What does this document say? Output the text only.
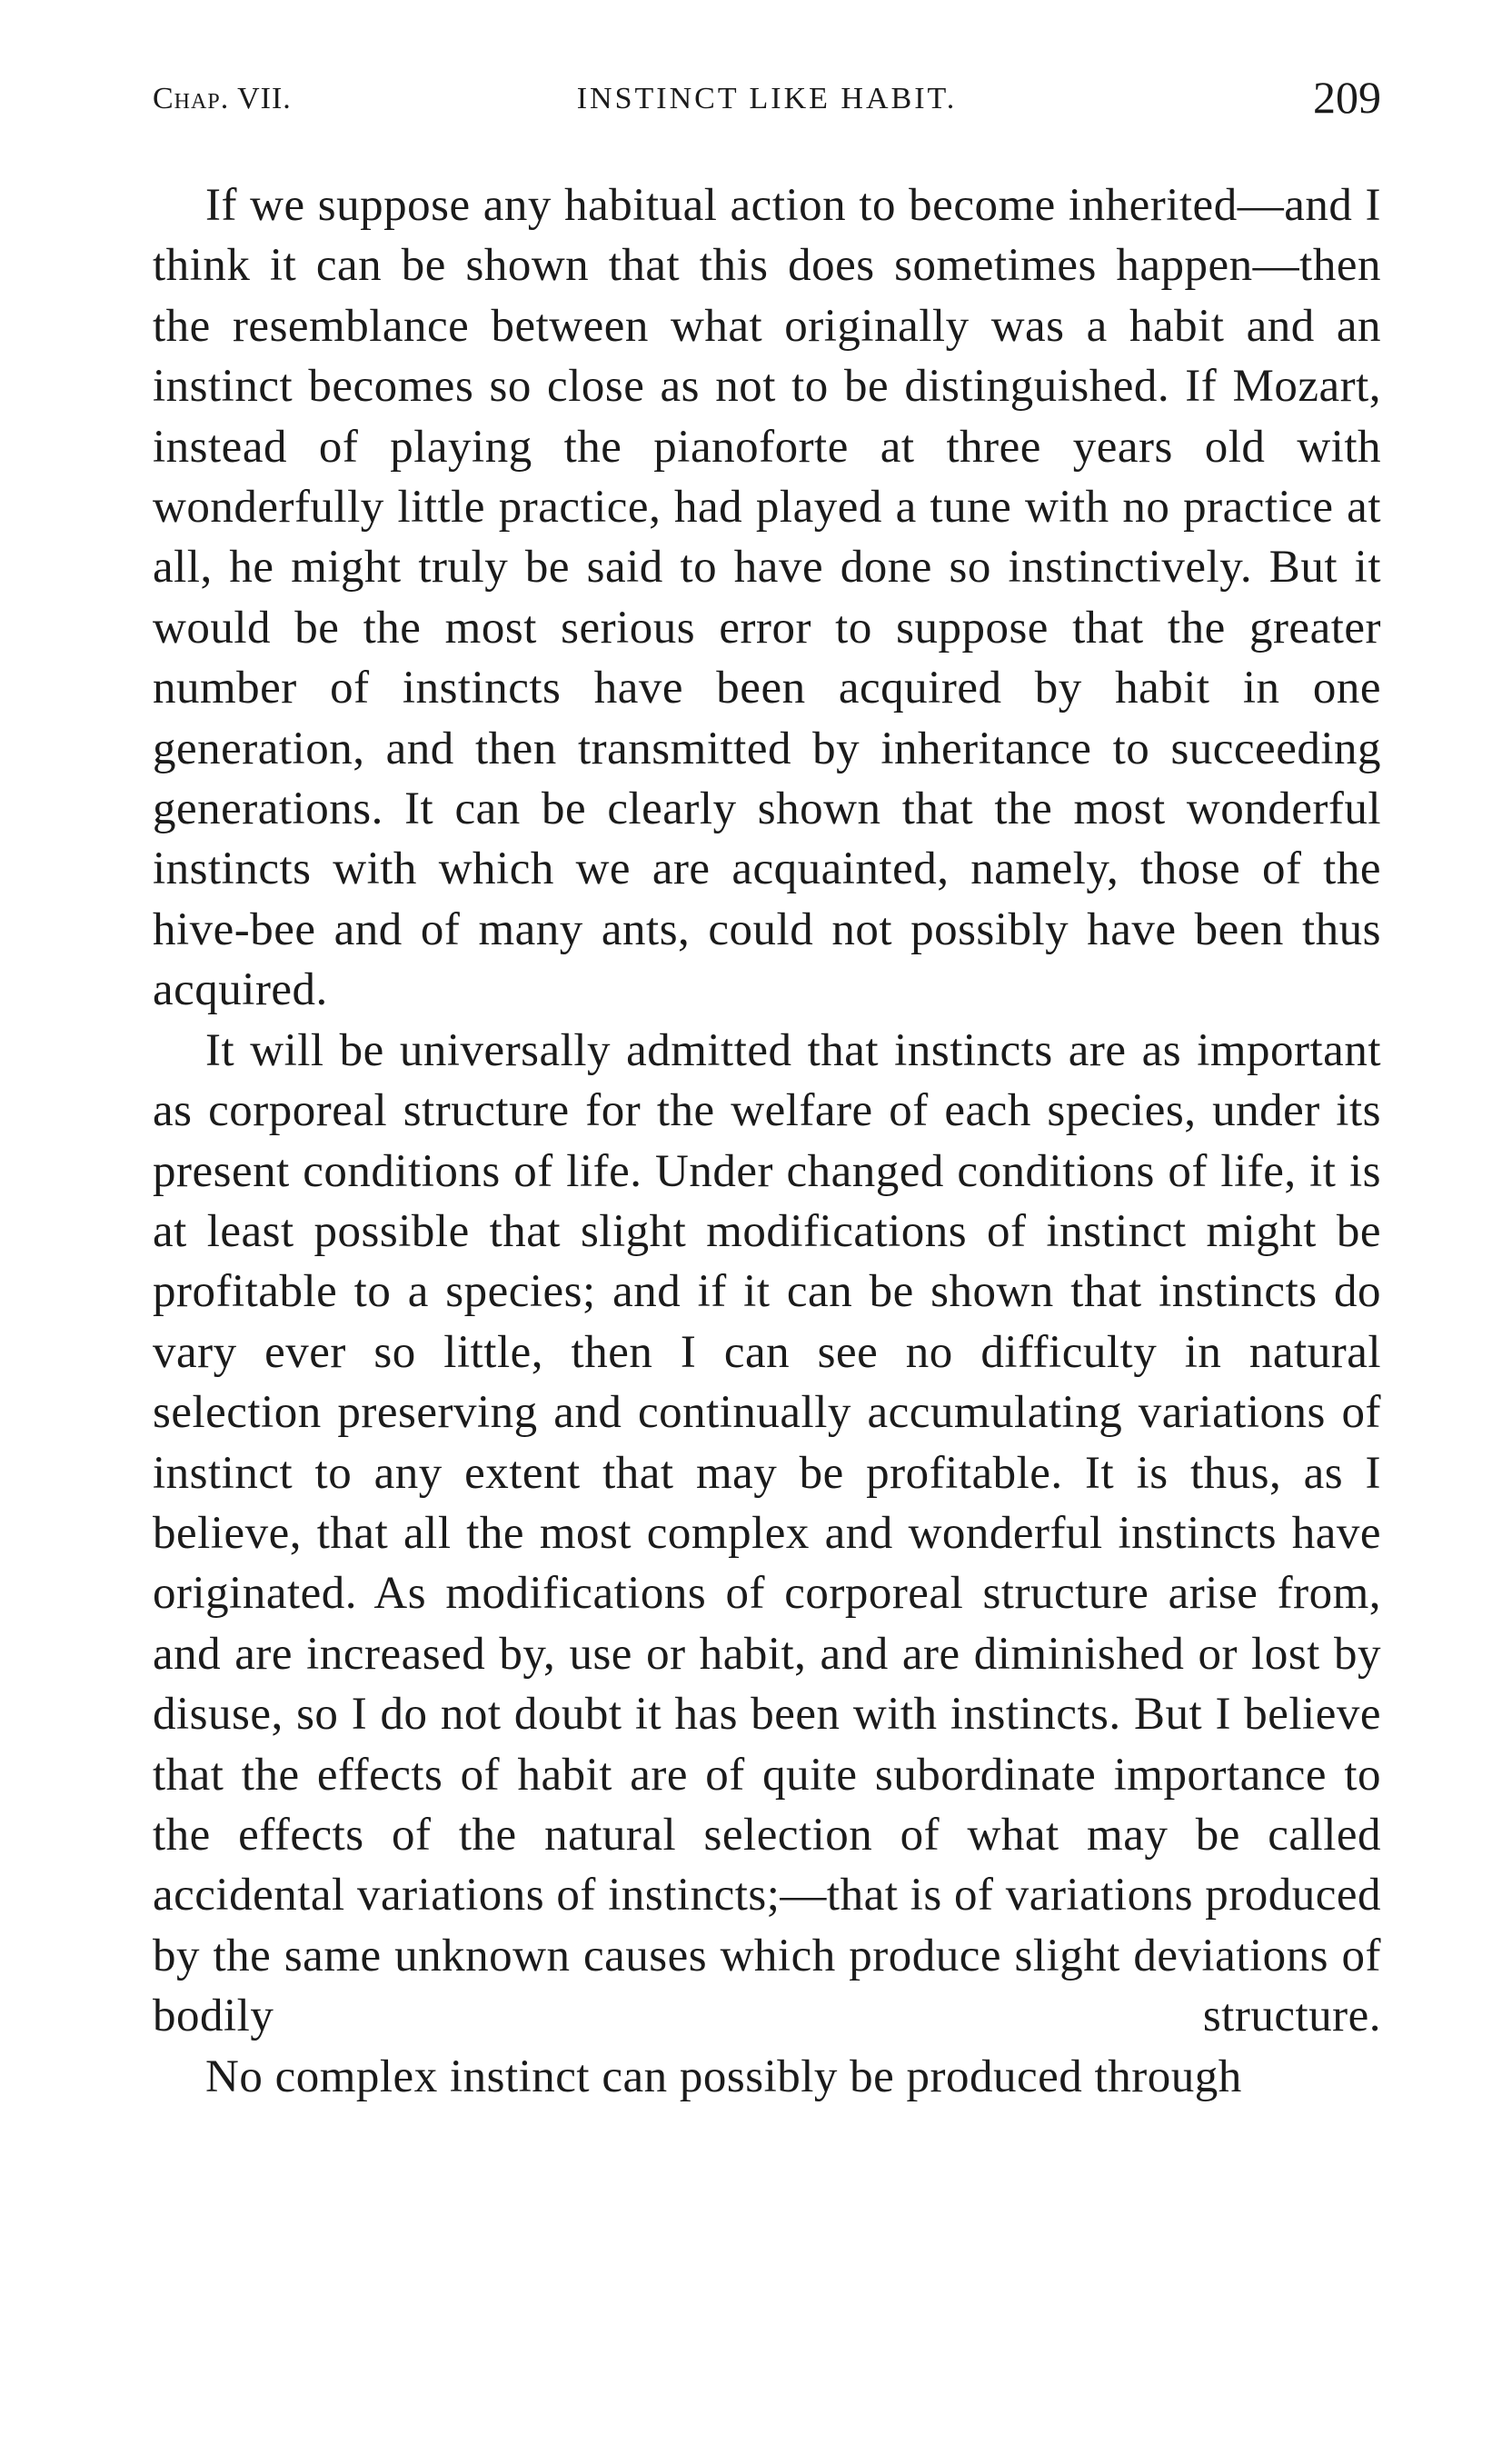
Chap. VII.	INSTINCT LIKE HABIT.	209

If we suppose any habitual action to become inherited—and I think it can be shown that this does sometimes happen—then the resemblance between what originally was a habit and an instinct becomes so close as not to be distinguished. If Mozart, instead of playing the pianoforte at three years old with wonderfully little practice, had played a tune with no practice at all, he might truly be said to have done so instinctively. But it would be the most serious error to suppose that the greater number of instincts have been acquired by habit in one generation, and then transmitted by inheritance to succeeding generations. It can be clearly shown that the most wonderful instincts with which we are acquainted, namely, those of the hive-bee and of many ants, could not possibly have been thus acquired.

It will be universally admitted that instincts are as important as corporeal structure for the welfare of each species, under its present conditions of life. Under changed conditions of life, it is at least possible that slight modifications of instinct might be profitable to a species; and if it can be shown that instincts do vary ever so little, then I can see no difficulty in natural selection preserving and continually accumulating variations of instinct to any extent that may be profitable. It is thus, as I believe, that all the most complex and wonderful instincts have originated. As modifications of corporeal structure arise from, and are increased by, use or habit, and are diminished or lost by disuse, so I do not doubt it has been with instincts. But I believe that the effects of habit are of quite subordinate importance to the effects of the natural selection of what may be called accidental variations of instincts;—that is of variations produced by the same unknown causes which produce slight deviations of bodily structure.

No complex instinct can possibly be produced through
